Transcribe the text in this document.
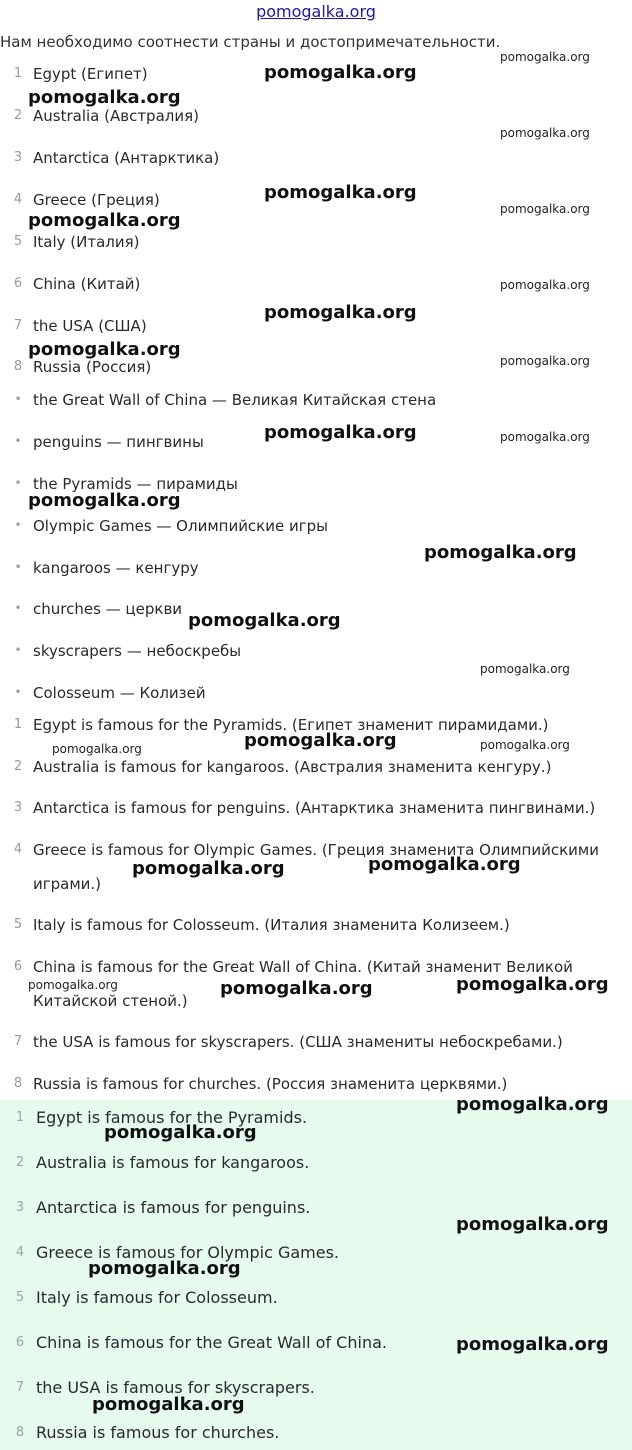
pomogalka.org
Нам необходимо соотнести страны и достопримечательности.
1 Egypt (Египет)
2 Australia (Австралия)
3 Antarctica (Антарктика)
4 Greece (Греция)
5 Italy (Италия)
6 China (Китай)
7 the USA (США)
8 Russia (Россия)
• the Great Wall of China — Великая Китайская стена
• penguins — пингвины
• the Pyramids — пирамиды
• Olympic Games — Олимпийские игры
• kangaroos — кенгуру
• churches — церкви
• skyscrapers — небоскребы
• Colosseum — Колизей
1 Egypt is famous for the Pyramids. (Египет знаменит пирамидами.)
2 Australia is famous for kangaroos. (Австралия знаменита кенгуру.)
3 Antarctica is famous for penguins. (Антарктика знаменита пингвинами.)
4 Greece is famous for Olympic Games. (Греция знаменита Олимпийскими играми.)
5 Italy is famous for Colosseum. (Италия знаменита Колизеем.)
6 China is famous for the Great Wall of China. (Китай знаменит Великой Китайской стеной.)
7 the USA is famous for skyscrapers. (США знамениты небоскребами.)
8 Russia is famous for churches. (Россия знаменита церквями.)
1 Egypt is famous for the Pyramids.
2 Australia is famous for kangaroos.
3 Antarctica is famous for penguins.
4 Greece is famous for Olympic Games.
5 Italy is famous for Colosseum.
6 China is famous for the Great Wall of China.
7 the USA is famous for skyscrapers.
8 Russia is famous for churches.
pomogalka.org
pomogalka.org
pomogalka.org
pomogalka.org
pomogalka.org
pomogalka.org
pomogalka.org
pomogalka.org
pomogalka.org
pomogalka.org
pomogalka.org
pomogalka.org	pomogalka.org
pomogalka.org
pomogalka.org
pomogalka.org
pomogalka.org
pomogalka.org
pomogalka.org	pomogalka.org
pomogalka.org	pomogalka.org
pomogalka.org	pomogalka.org	pomogalka.org
pomogalka.org
pomogalka.org
pomogalka.org
pomogalka.org
pomogalka.org
pomogalka.org
